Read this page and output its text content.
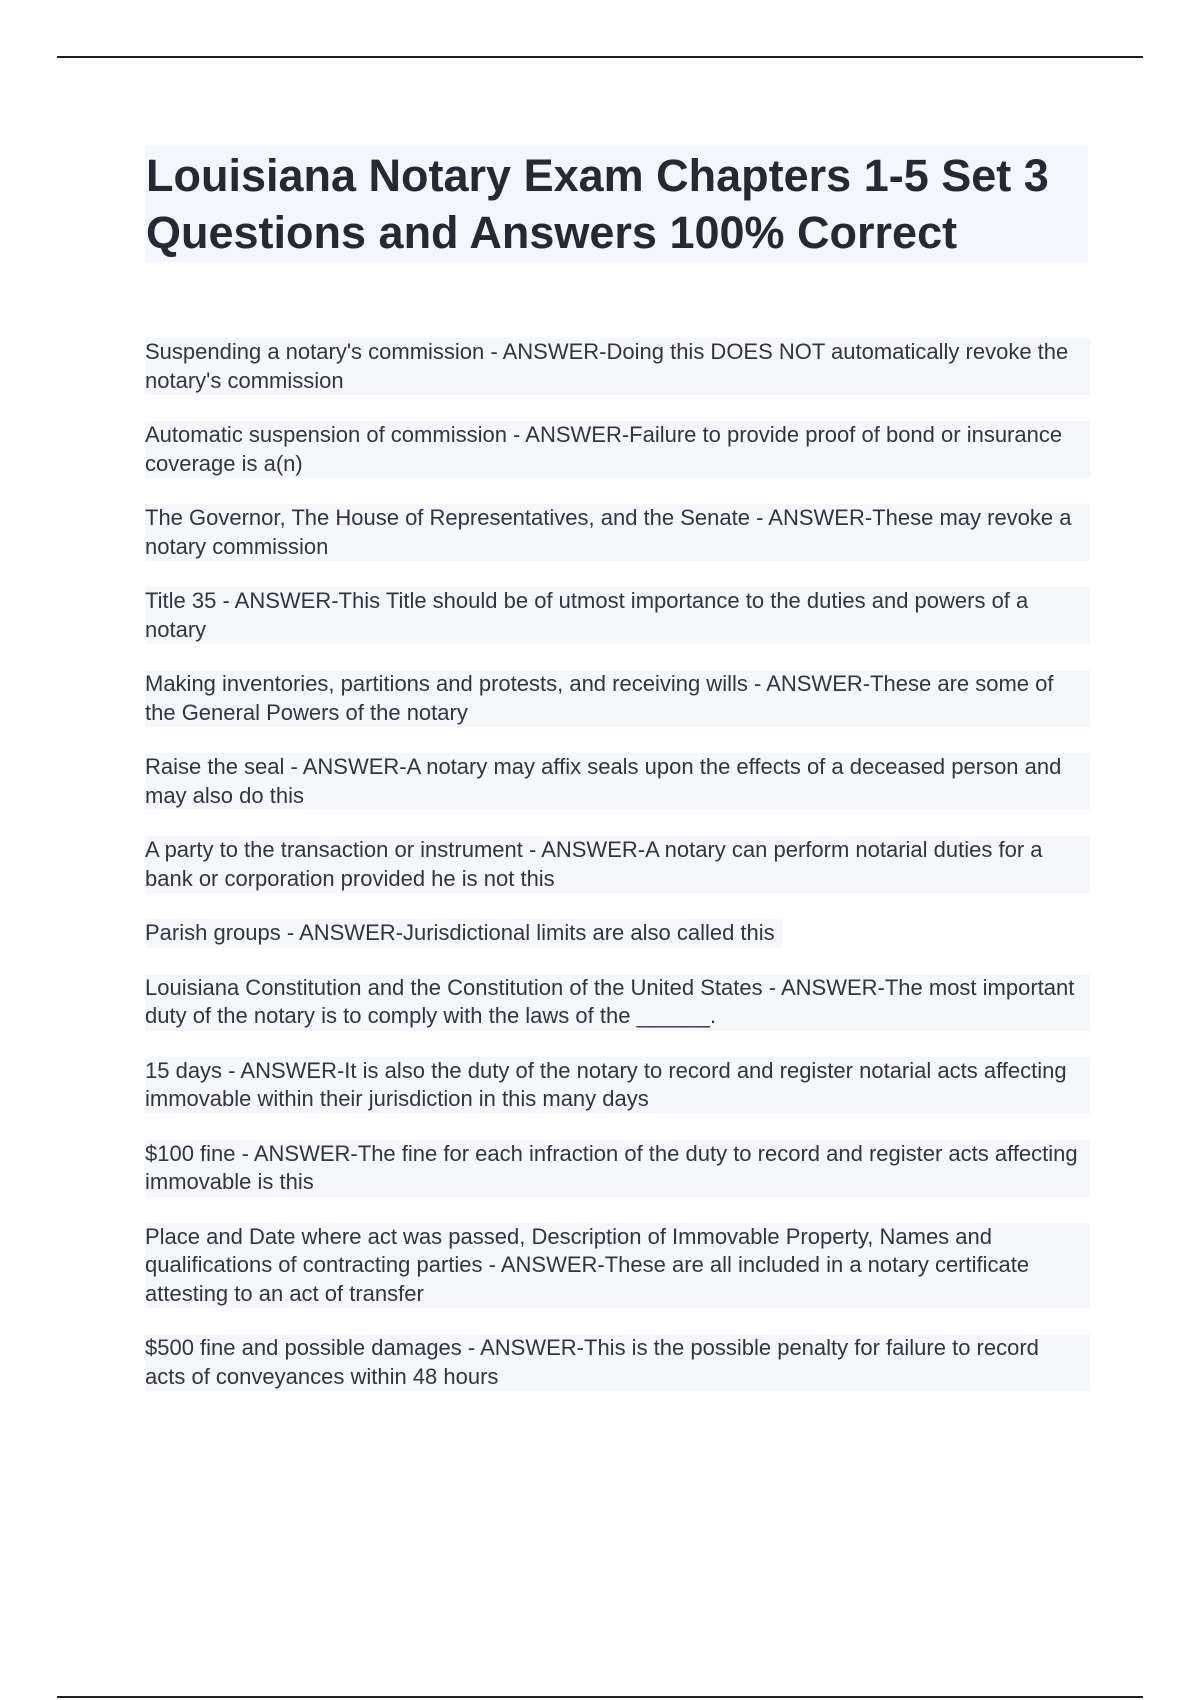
Louisiana Notary Exam Chapters 1-5 Set 3 Questions and Answers 100% Correct

Suspending a notary's commission - ANSWER-Doing this DOES NOT automatically revoke the notary's commission

Automatic suspension of commission - ANSWER-Failure to provide proof of bond or insurance coverage is a(n)

The Governor, The House of Representatives, and the Senate - ANSWER-These may revoke a notary commission

Title 35 - ANSWER-This Title should be of utmost importance to the duties and powers of a notary

Making inventories, partitions and protests, and receiving wills - ANSWER-These are some of the General Powers of the notary

Raise the seal - ANSWER-A notary may affix seals upon the effects of a deceased person and may also do this

A party to the transaction or instrument - ANSWER-A notary can perform notarial duties for a bank or corporation provided he is not this

Parish groups - ANSWER-Jurisdictional limits are also called this

Louisiana Constitution and the Constitution of the United States - ANSWER-The most important duty of the notary is to comply with the laws of the ______.

15 days - ANSWER-It is also the duty of the notary to record and register notarial acts affecting immovable within their jurisdiction in this many days

$100 fine - ANSWER-The fine for each infraction of the duty to record and register acts affecting immovable is this

Place and Date where act was passed, Description of Immovable Property, Names and qualifications of contracting parties - ANSWER-These are all included in a notary certificate attesting to an act of transfer

$500 fine and possible damages - ANSWER-This is the possible penalty for failure to record acts of conveyances within 48 hours
